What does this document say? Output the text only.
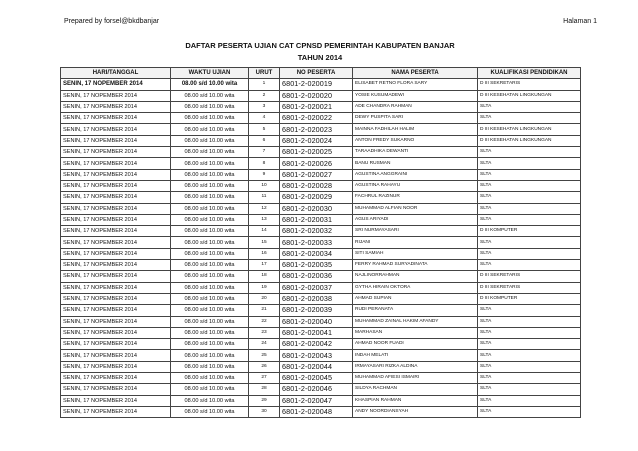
Prepared by forsel@bkdbanjar	Halaman 1
DAFTAR PESERTA UJIAN CAT CPNSD PEMERINTAH KABUPATEN BANJAR
TAHUN 2014
HARI/TANGGAL	WAKTU UJIAN	URUT	NO PESERTA	NAMA PESERTA	KUALIFIKASI PENDIDIKAN
SENIN, 17 NOPEMBER 2014	08.00 s/d 10.00 wita	1	6801-2-020019	ELISABET RETNO FLORA SARY	D III SEKRETARIS
SENIN, 17 NOPEMBER 2014	08.00 s/d 10.00 wita	2	6801-2-020020	YOSIE KUSUMADEWI	D III KESEHATAN LINGKUNGAN
SENIN, 17 NOPEMBER 2014	08.00 s/d 10.00 wita	3	6801-2-020021	ADE CHANDRA RAHMAN	SLTA
SENIN, 17 NOPEMBER 2014	08.00 s/d 10.00 wita	4	6801-2-020022	DEWY PUSPITA SARI	SLTA
SENIN, 17 NOPEMBER 2014	08.00 s/d 10.00 wita	5	6801-2-020023	MAINNA FADHILAH HALIM	D III KESEHATAN LINGKUNGAN
SENIN, 17 NOPEMBER 2014	08.00 s/d 10.00 wita	6	6801-2-020024	ANTON FREDY SUKARNO	D III KESEHATAN LINGKUNGAN
SENIN, 17 NOPEMBER 2014	08.00 s/d 10.00 wita	7	6801-2-020025	TARAADHIKA DEWANTI	SLTA
SENIN, 17 NOPEMBER 2014	08.00 s/d 10.00 wita	8	6801-2-020026	BANU RUSMAN	SLTA
SENIN, 17 NOPEMBER 2014	08.00 s/d 10.00 wita	9	6801-2-020027	AGUSTINA ANGGRAINI	SLTA
SENIN, 17 NOPEMBER 2014	08.00 s/d 10.00 wita	10	6801-2-020028	AGUSTINA RAHAYU	SLTA
SENIN, 17 NOPEMBER 2014	08.00 s/d 10.00 wita	11	6801-2-020029	FACHRUL RAZINUR	SLTA
SENIN, 17 NOPEMBER 2014	08.00 s/d 10.00 wita	12	6801-2-020030	MUHAMMAD ALFIAN NOOR	SLTA
SENIN, 17 NOPEMBER 2014	08.00 s/d 10.00 wita	13	6801-2-020031	AGUS ARIYADI	SLTA
SENIN, 17 NOPEMBER 2014	08.00 s/d 10.00 wita	14	6801-2-020032	SRI NURMAYASARI	D III KOMPUTER
SENIN, 17 NOPEMBER 2014	08.00 s/d 10.00 wita	15	6801-2-020033	RIJANI	SLTA
SENIN, 17 NOPEMBER 2014	08.00 s/d 10.00 wita	16	6801-2-020034	SITI SAMIAH	SLTA
SENIN, 17 NOPEMBER 2014	08.00 s/d 10.00 wita	17	6801-2-020035	FERRY RAHMAD SURYADINATA	SLTA
SENIN, 17 NOPEMBER 2014	08.00 s/d 10.00 wita	18	6801-2-020036	NAJLINORRAHMAN	D III SEKRETARIS
SENIN, 17 NOPEMBER 2014	08.00 s/d 10.00 wita	19	6801-2-020037	GYTHA HIRAIN OKTORA	D III SEKRETARIS
SENIN, 17 NOPEMBER 2014	08.00 s/d 10.00 wita	20	6801-2-020038	AHMAD SUPIAN	D III KOMPUTER
SENIN, 17 NOPEMBER 2014	08.00 s/d 10.00 wita	21	6801-2-020039	RUDI PERANATA	SLTA
SENIN, 17 NOPEMBER 2014	08.00 s/d 10.00 wita	22	6801-2-020040	MUHAMMAD ZAINAL HAKIM AFANDY	SLTA
SENIN, 17 NOPEMBER 2014	08.00 s/d 10.00 wita	23	6801-2-020041	MARHASAN	SLTA
SENIN, 17 NOPEMBER 2014	08.00 s/d 10.00 wita	24	6801-2-020042	AHMAD NOOR FUADI	SLTA
SENIN, 17 NOPEMBER 2014	08.00 s/d 10.00 wita	25	6801-2-020043	INDAH MELATI	SLTA
SENIN, 17 NOPEMBER 2014	08.00 s/d 10.00 wita	26	6801-2-020044	IRMAYASARI RIZKA ALDINA	SLTA
SENIN, 17 NOPEMBER 2014	08.00 s/d 10.00 wita	27	6801-2-020045	MUHAMMAD AFIESI ISMAIRI	SLTA
SENIN, 17 NOPEMBER 2014	08.00 s/d 10.00 wita	28	6801-2-020046	SILDYA RACHMAN	SLTA
SENIN, 17 NOPEMBER 2014	08.00 s/d 10.00 wita	29	6801-2-020047	KHASPIAN RAHMAN	SLTA
SENIN, 17 NOPEMBER 2014	08.00 s/d 10.00 wita	30	6801-2-020048	ANDY NOORDIANSYAH	SLTA
